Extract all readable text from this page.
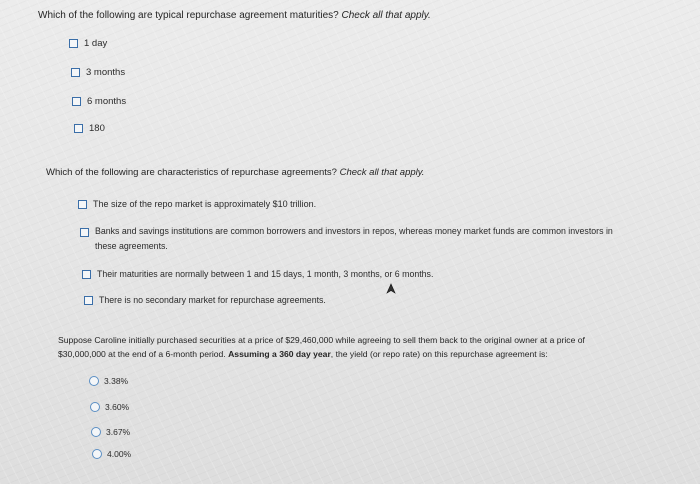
Which of the following are typical repurchase agreement maturities? Check all that apply.
1 day
3 months
6 months
180
Which of the following are characteristics of repurchase agreements? Check all that apply.
The size of the repo market is approximately $10 trillion.
Banks and savings institutions are common borrowers and investors in repos, whereas money market funds are common investors in
these agreements.
Their maturities are normally between 1 and 15 days, 1 month, 3 months, or 6 months.
There is no secondary market for repurchase agreements.
Suppose Caroline initially purchased securities at a price of $29,460,000 while agreeing to sell them back to the original owner at a price of
$30,000,000 at the end of a 6-month period. Assuming a 360 day year, the yield (or repo rate) on this repurchase agreement is:
3.38%
3.60%
3.67%
4.00%
